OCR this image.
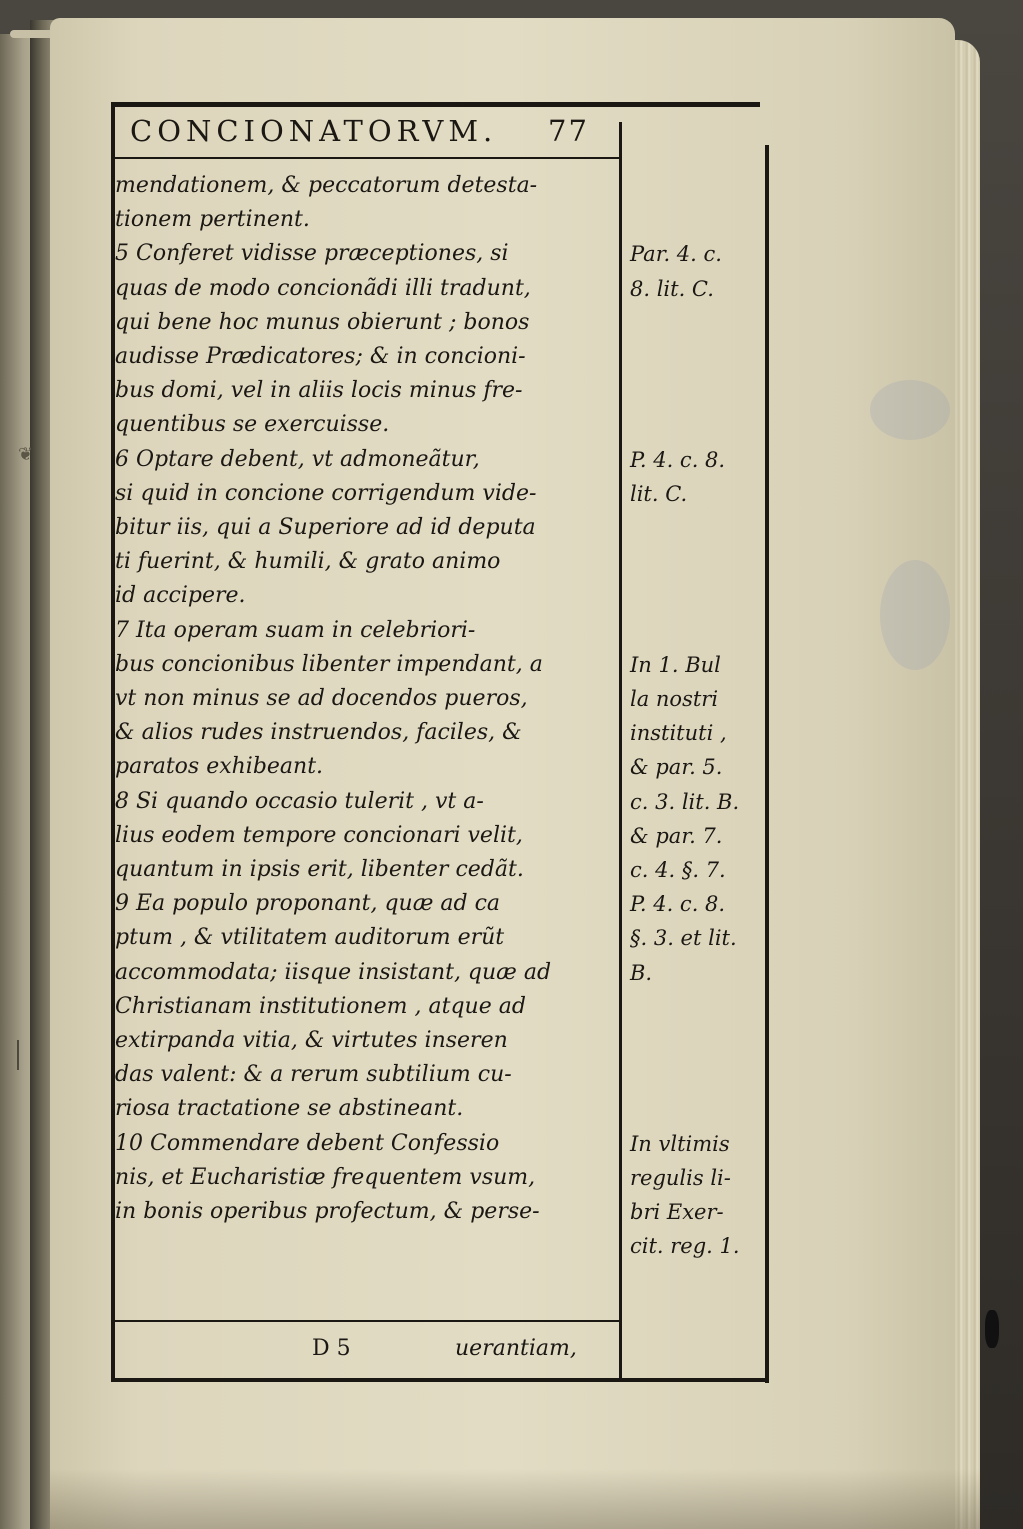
❦
CONCIONATORVM. 77
mendationem, & peccatorum detesta-
tionem pertinent.
5 Conferet vidisse præceptiones, si
quas de modo concionãdi illi tradunt,
qui bene hoc munus obierunt ; bonos
audisse Prædicatores; & in concioni-
bus domi, vel in aliis locis minus fre-
quentibus se exercuisse.
6 Optare debent, vt admoneãtur,
si quid in concione corrigendum vide-
bitur iis, qui a Superiore ad id deputa
ti fuerint, & humili, & grato animo
id accipere.
7 Ita operam suam in celebriori-
bus concionibus libenter impendant, a
vt non minus se ad docendos pueros,
& alios rudes instruendos, faciles, &
paratos exhibeant.
8 Si quando occasio tulerit , vt a-
lius eodem tempore concionari velit,
quantum in ipsis erit, libenter cedãt.
9 Ea populo proponant, quæ ad ca
ptum , & vtilitatem auditorum erũt
accommodata; iisque insistant, quæ ad
Christianam institutionem , atque ad
extirpanda vitia, & virtutes inseren
das valent: & a rerum subtilium cu-
riosa tractatione se abstineant.
10 Commendare debent Confessio
nis, et Eucharistiæ frequentem vsum,
in bonis operibus profectum, & perse-
Par. 4. c.
8. lit. C.
P. 4. c. 8.
lit. C.
In 1. Bul
la nostri
instituti ,
& par. 5.
c. 3. lit. B.
& par. 7.
c. 4. §. 7.
P. 4. c. 8.
§. 3. et lit.
B.
In vltimis
regulis li-
bri Exer-
cit. reg. 1.
D 5	uerantiam,
